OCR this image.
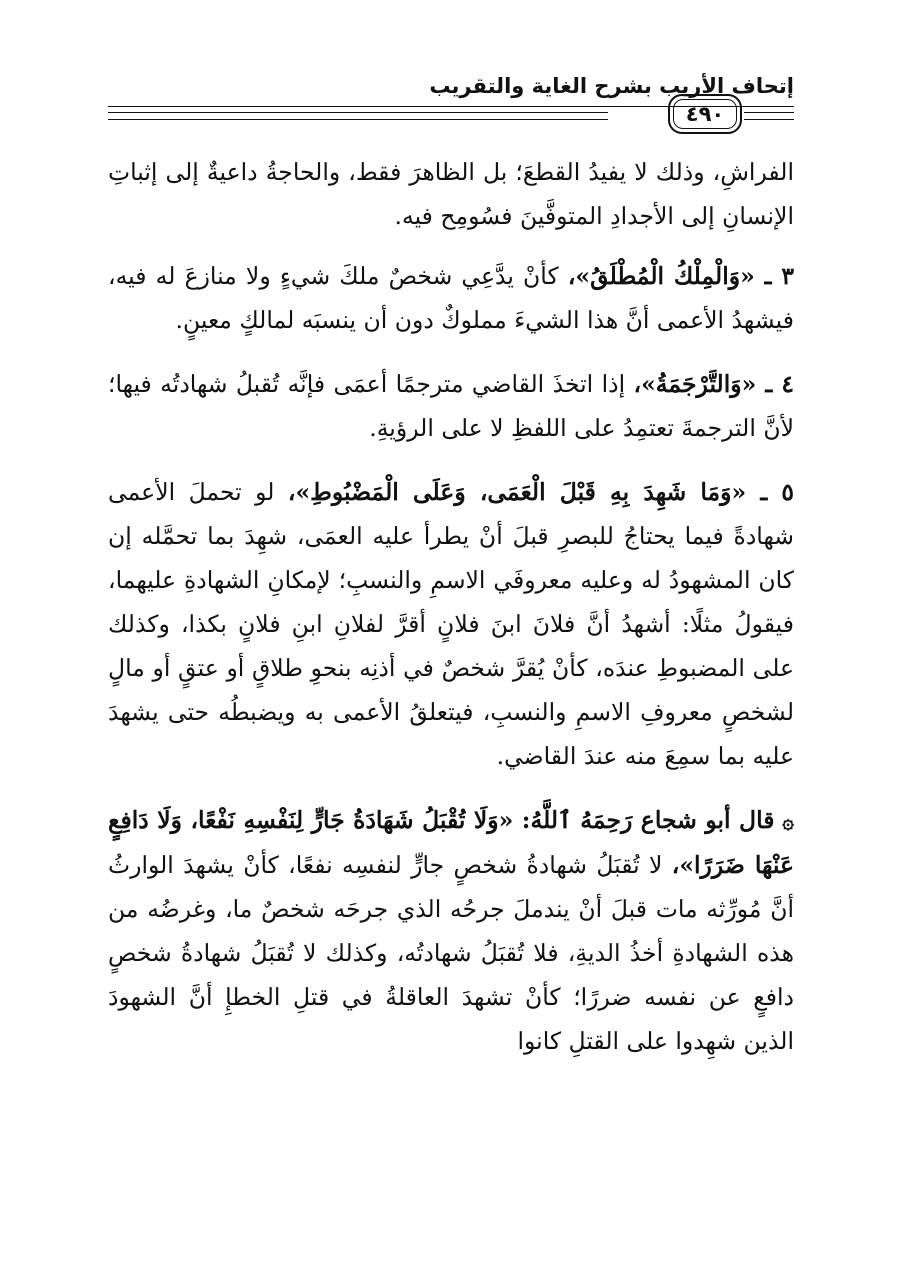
إتحاف الأريب بشرح الغاية والتقريب
٤٩٠

الفراشِ، وذلك لا يفيدُ القطعَ؛ بل الظاهرَ فقط، والحاجةُ داعيةٌ إلى إثباتِ الإنسانِ إلى الأجدادِ المتوفَّينَ فسُومِح فيه.

٣ ـ «وَالْمِلْكُ الْمُطْلَقُ»، كأنْ يدَّعِي شخصٌ ملكَ شيءٍ ولا منازعَ له فيه، فيشهدُ الأعمى أنَّ هذا الشيءَ مملوكٌ دون أن ينسبَه لمالكٍ معينٍ.

٤ ـ «وَالتَّرْجَمَةُ»، إذا اتخذَ القاضي مترجمًا أعمَى فإنَّه تُقبلُ شهادتُه فيها؛ لأنَّ الترجمةَ تعتمِدُ على اللفظِ لا على الرؤيةِ.

٥ ـ «وَمَا شَهِدَ بِهِ قَبْلَ الْعَمَى، وَعَلَى الْمَضْبُوطِ»، لو تحملَ الأعمى شهادةً فيما يحتاجُ للبصرِ قبلَ أنْ يطرأ عليه العمَى، شهِدَ بما تحمَّله إن كان المشهودُ له وعليه معروفَي الاسمِ والنسبِ؛ لإمكانِ الشهادةِ عليهما، فيقولُ مثلًا: أشهدُ أنَّ فلانَ ابنَ فلانٍ أقرَّ لفلانِ ابنِ فلانٍ بكذا، وكذلك على المضبوطِ عندَه، كأنْ يُقرَّ شخصٌ في أذنِه بنحوِ طلاقٍ أو عتقٍ أو مالٍ لشخصٍ معروفِ الاسمِ والنسبِ، فيتعلقُ الأعمى به ويضبطُه حتى يشهدَ عليه بما سمِعَ منه عندَ القاضي.

۞ قال أبو شجاع رَحِمَهُ ٱللَّهُ: «وَلَا تُقْبَلُ شَهَادَةُ جَارٍّ لِنَفْسِهِ نَفْعًا، وَلَا دَافِعٍ عَنْهَا ضَرَرًا»، لا تُقبَلُ شهادةُ شخصٍ جارٍّ لنفسِه نفعًا، كأنْ يشهدَ الوارثُ أنَّ مُورِّثه مات قبلَ أنْ يندملَ جرحُه الذي جرحَه شخصٌ ما، وغرضُه من هذه الشهادةِ أخذُ الديةِ، فلا تُقبَلُ شهادتُه، وكذلك لا تُقبَلُ شهادةُ شخصٍ دافعٍ عن نفسه ضررًا؛ كأنْ تشهدَ العاقلةُ في قتلِ الخطإِ أنَّ الشهودَ الذين شهِدوا على القتلِ كانوا
